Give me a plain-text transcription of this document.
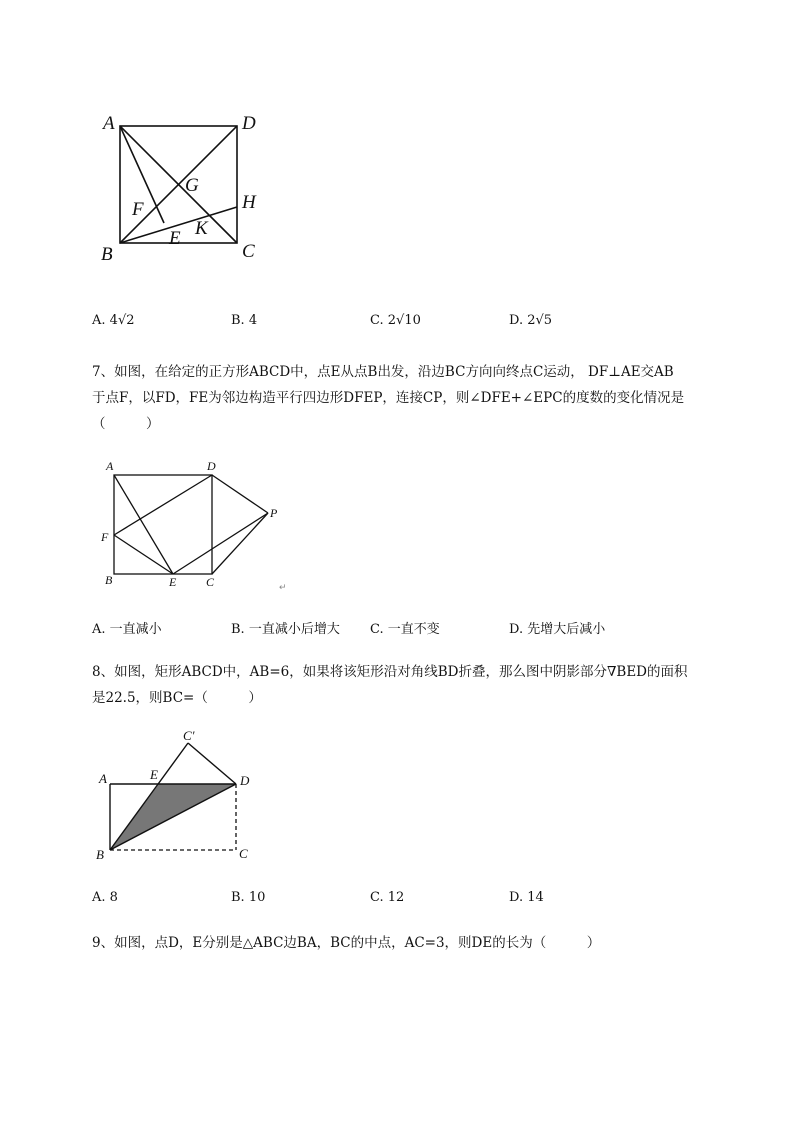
A	D
B	C
G
H
F
E K
A. 4√2	B. 4	C. 2√10	D. 2√5
7、如图，在给定的正方形ABCD中，点E从点B出发，沿边BC方向向终点C运动， DF⊥AE交AB
于点F，以FD，FE为邻边构造平行四边形DFEP，连接CP，则∠DFE+∠EPC的度数的变化情况是
（　　　）
A	D
F
P
B	E C	↵
A. 一直减小	B. 一直减小后增大 C. 一直不变	D. 先增大后减小
8、如图，矩形ABCD中，AB=6，如果将该矩形沿对角线BD折叠，那么图中阴影部分∇BED的面积
是22.5，则BC=（　　　）
C′
A	E	D
B	C
A. 8	B. 10	C. 12	D. 14
9、如图，点D，E分别是△ABC边BA，BC的中点，AC=3，则DE的长为（　　　）
